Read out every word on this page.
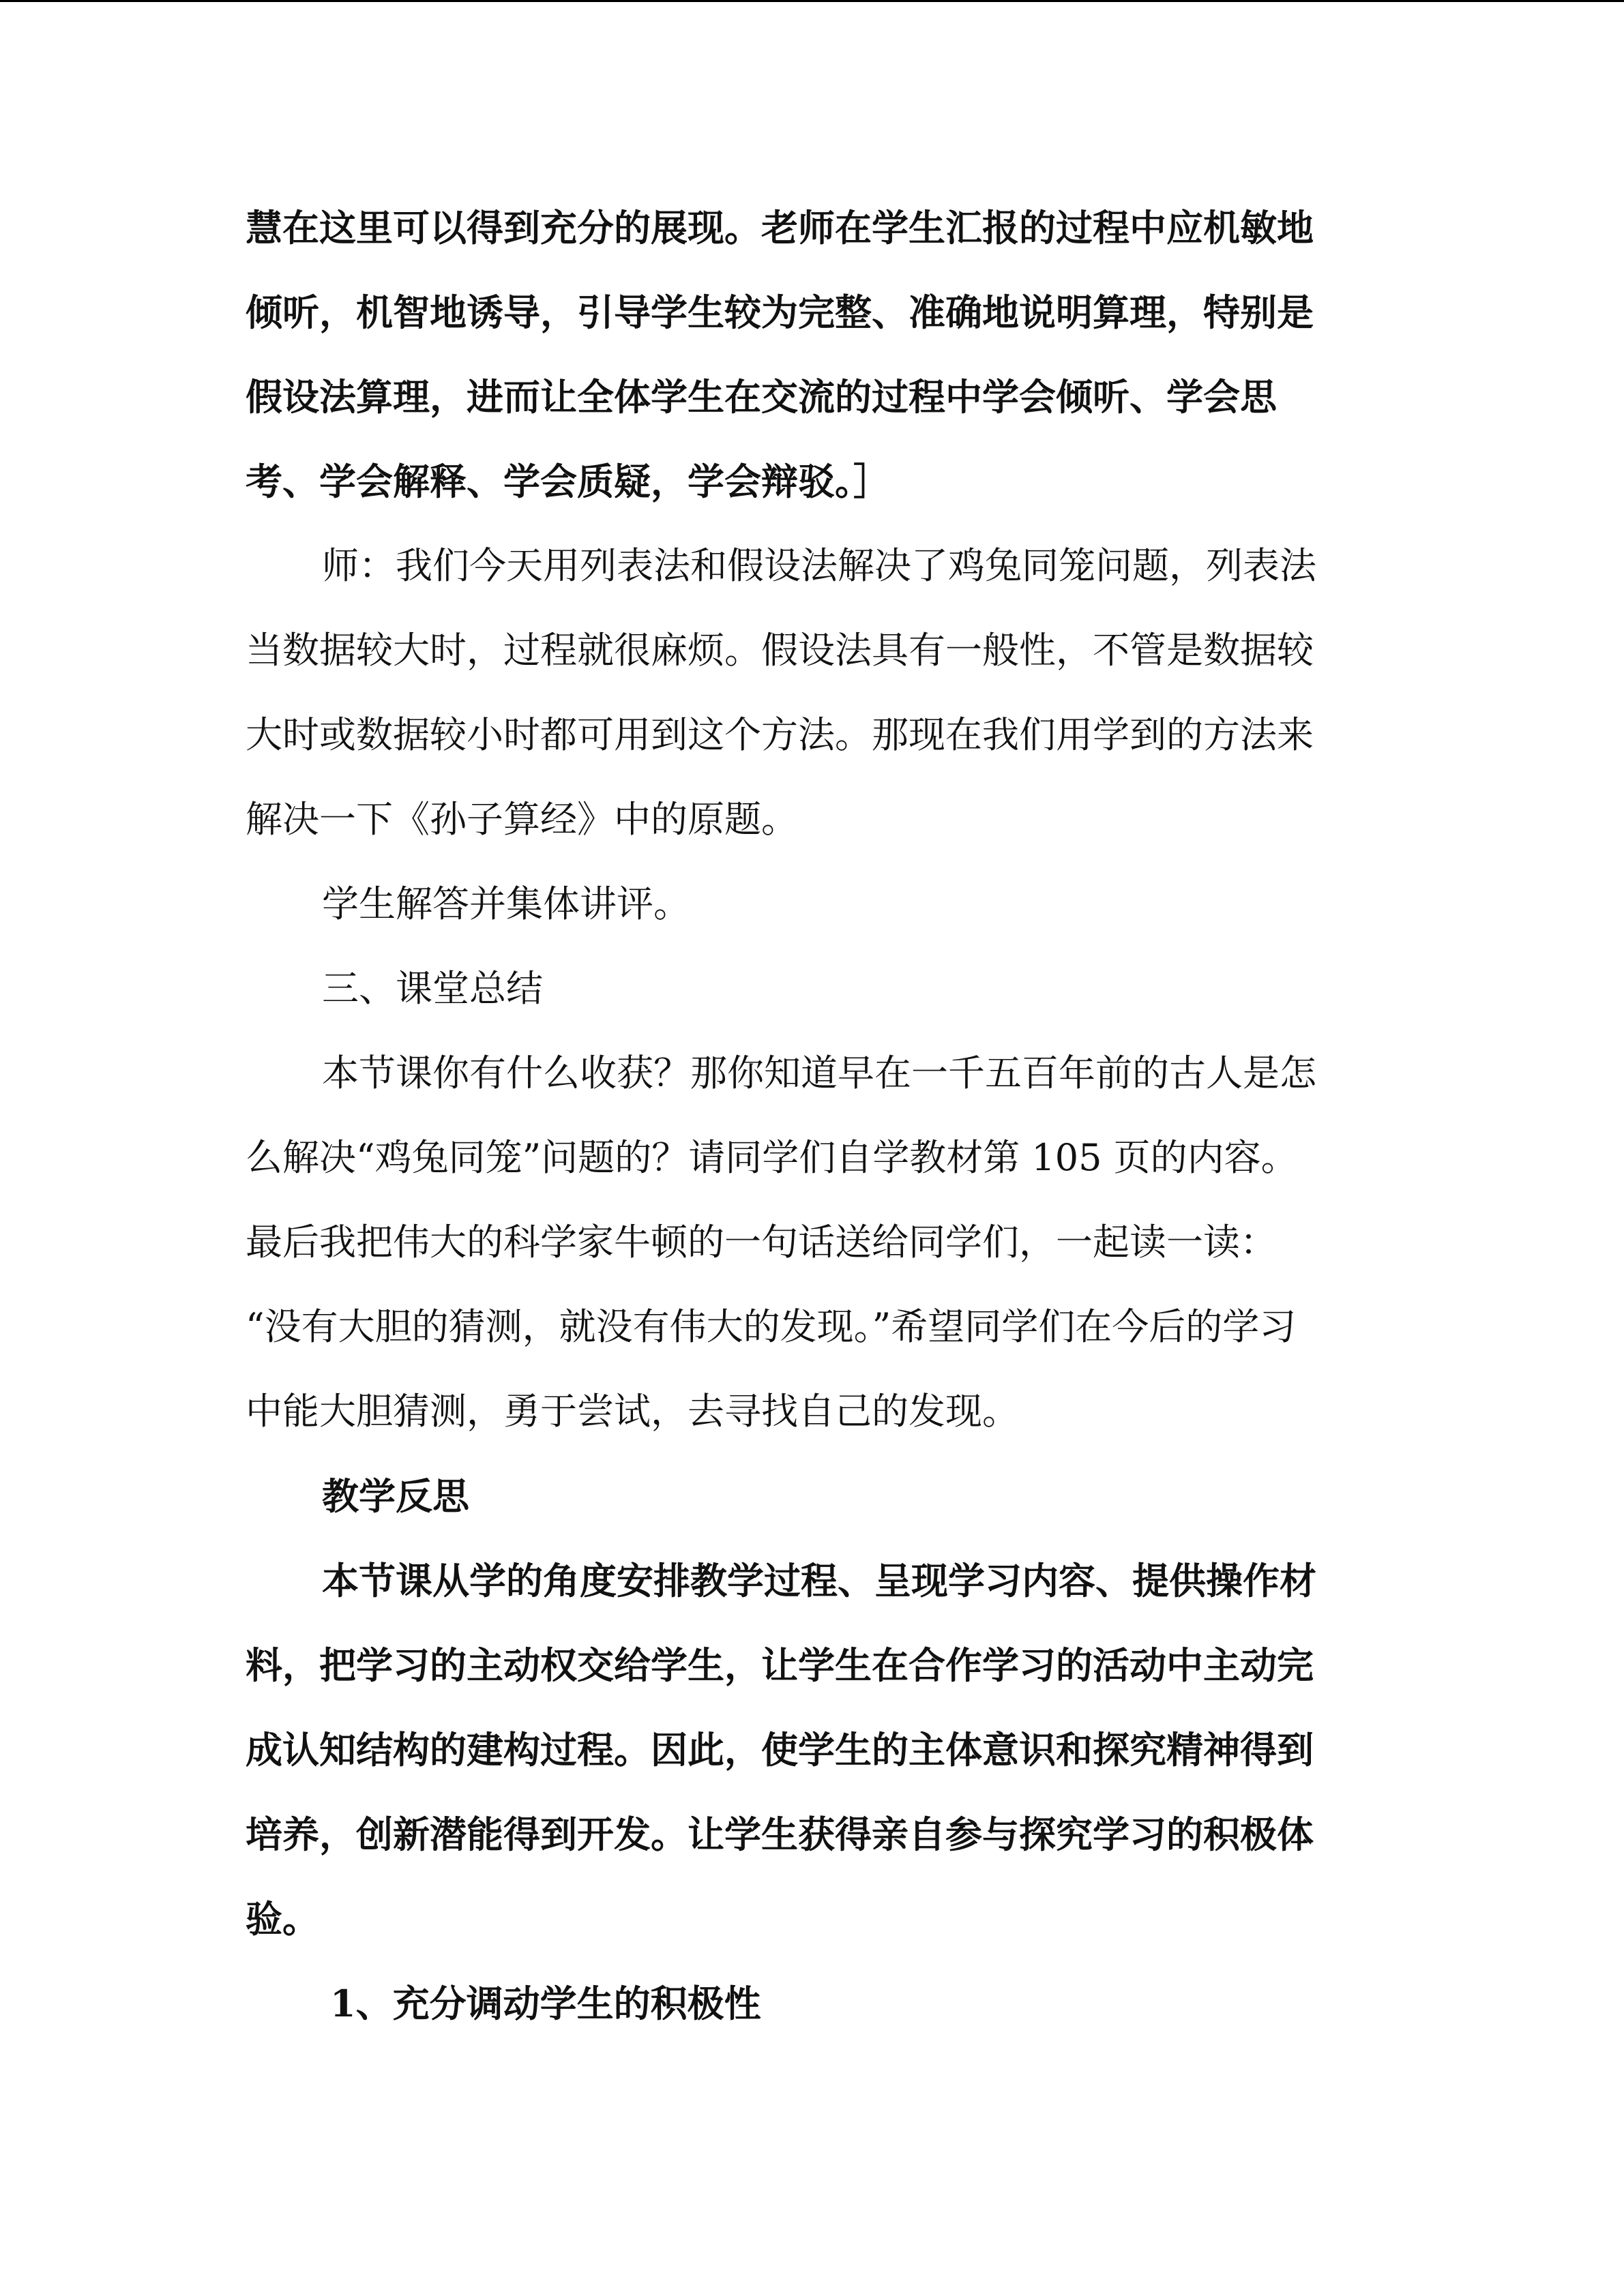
慧在这里可以得到充分的展现。老师在学生汇报的过程中应机敏地

倾听，机智地诱导，引导学生较为完整、准确地说明算理，特别是

假设法算理，进而让全体学生在交流的过程中学会倾听、学会思

考、学会解释、学会质疑，学会辩驳。］

师：我们今天用列表法和假设法解决了鸡兔同笼问题，列表法

当数据较大时，过程就很麻烦。假设法具有一般性，不管是数据较

大时或数据较小时都可用到这个方法。那现在我们用学到的方法来

解决一下《孙子算经》中的原题。

学生解答并集体讲评。

三、课堂总结

本节课你有什么收获？那你知道早在一千五百年前的古人是怎

么解决“鸡兔同笼”问题的？请同学们自学教材第 105 页的内容。

最后我把伟大的科学家牛顿的一句话送给同学们，一起读一读：

“没有大胆的猜测，就没有伟大的发现。”希望同学们在今后的学习

中能大胆猜测，勇于尝试，去寻找自己的发现。

教学反思

本节课从学的角度安排教学过程、呈现学习内容、提供操作材

料，把学习的主动权交给学生，让学生在合作学习的活动中主动完

成认知结构的建构过程。因此，使学生的主体意识和探究精神得到

培养，创新潜能得到开发。让学生获得亲自参与探究学习的积极体

验。

1、充分调动学生的积极性
